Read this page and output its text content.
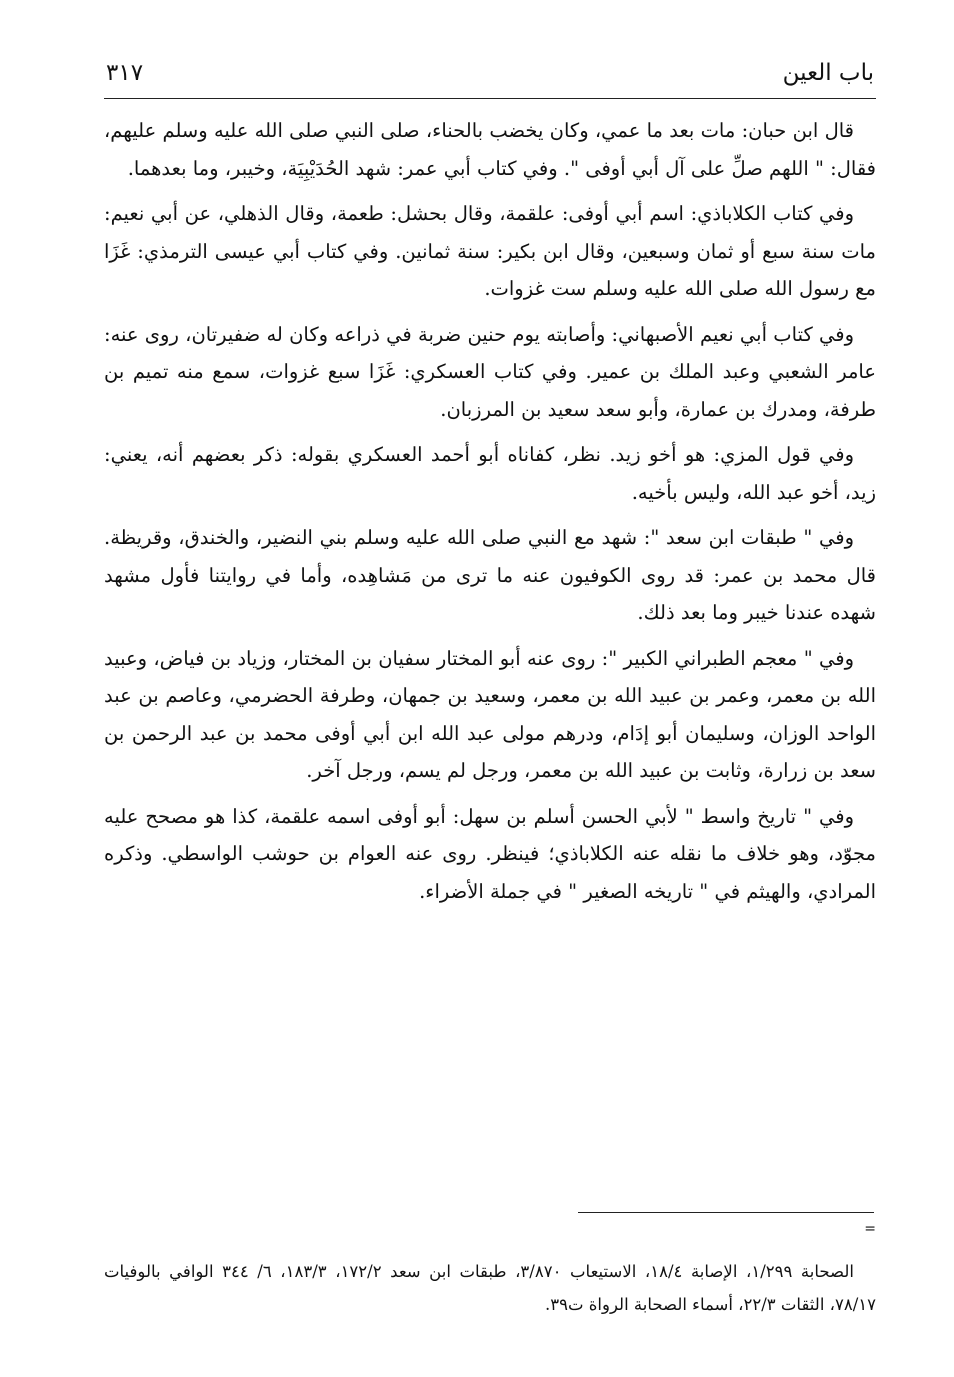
باب العين
٣١٧

قال ابن حبان: مات بعد ما عمي، وكان يخضب بالحناء، صلى النبي صلى الله عليه وسلم عليهم، فقال: " اللهم صلِّ على آل أبي أوفى ". وفي كتاب أبي عمر: شهد الحُدَيْبِيَة، وخيبر، وما بعدهما.

وفي كتاب الكلاباذي: اسم أبي أوفى: علقمة، وقال بحشل: طعمة، وقال الذهلي، عن أبي نعيم: مات سنة سبع أو ثمان وسبعين، وقال ابن بكير: سنة ثمانين. وفي كتاب أبي عيسى الترمذي: غَزَا مع رسول الله صلى الله عليه وسلم ست غزوات.

وفي كتاب أبي نعيم الأصبهاني: وأصابته يوم حنين ضربة في ذراعه وكان له ضفيرتان، روى عنه: عامر الشعبي وعبد الملك بن عمير. وفي كتاب العسكري: غَزَا سبع غزوات، سمع منه تميم بن طرفة، ومدرك بن عمارة، وأبو سعد سعيد بن المرزبان.

وفي قول المزي: هو أخو زيد. نظر، كفاناه أبو أحمد العسكري بقوله: ذكر بعضهم أنه، يعني: زيد، أخو عبد الله، وليس بأخيه.

وفي " طبقات ابن سعد ": شهد مع النبي صلى الله عليه وسلم بني النضير، والخندق، وقريظة. قال محمد بن عمر: قد روى الكوفيون عنه ما ترى من مَشاهِده، وأما في روايتنا فأول مشهد شهده عندنا خيبر وما بعد ذلك.

وفي " معجم الطبراني الكبير ": روى عنه أبو المختار سفيان بن المختار، وزياد بن فياض، وعبيد الله بن معمر، وعمر بن عبيد الله بن معمر، وسعيد بن جمهان، وطرفة الحضرمي، وعاصم بن عبد الواحد الوزان، وسليمان أبو إدَام، ودرهم مولى عبد الله ابن أبي أوفى محمد بن عبد الرحمن بن سعد بن زرارة، وثابت بن عبيد الله بن معمر، ورجل لم يسم، ورجل آخر.

وفي " تاريخ واسط " لأبي الحسن أسلم بن سهل: أبو أوفى اسمه علقمة، كذا هو مصحح عليه مجوّد، وهو خلاف ما نقله عنه الكلاباذي؛ فينظر. روى عنه العوام بن حوشب الواسطي. وذكره المرادي، والهيثم في " تاريخه الصغير " في جملة الأضراء.

=

الصحابة ١/٢٩٩، الإصابة ١٨/٤، الاستيعاب ٣/٨٧٠، طبقات ابن سعد ١٧٢/٢، ١٨٣/٣، ٦/ ٣٤٤ الوافي بالوفيات ٧٨/١٧، الثقات ٢٢/٣، أسماء الصحابة الرواة ت٣٩.
